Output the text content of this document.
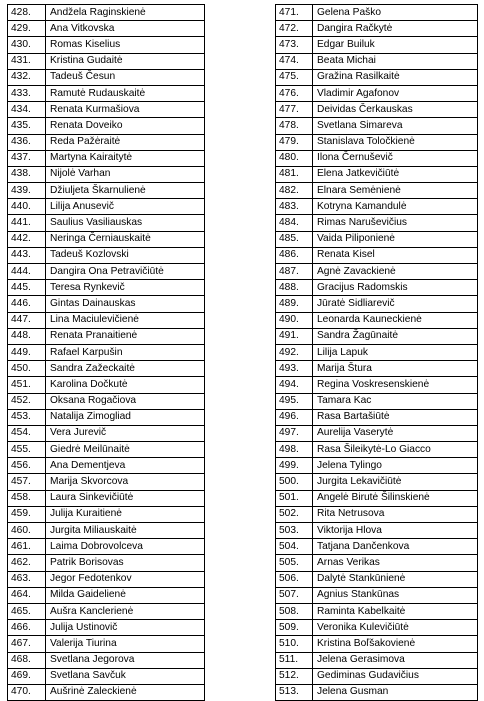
428.	Andžela Raginskienė
429.	Ana Vitkovska
430.	Romas Kiselius
431.	Kristina Gudaitė
432.	Tadeuš Česun
433.	Ramutė Rudauskaitė
434.	Renata Kurmašiova
435.	Renata Doveiko
436.	Reda Pažėraitė
437.	Martyna Kairaitytė
438.	Nijolė Varhan
439.	Džiuljeta Škarnulienė
440.	Lilija Anusevič
441.	Saulius Vasiliauskas
442.	Neringa Černiauskaitė
443.	Tadeuš Kozlovski
444.	Dangira Ona Petravičiūtė
445.	Teresa Rynkevič
446.	Gintas Dainauskas
447.	Lina Maciulevičienė
448.	Renata Pranaitienė
449.	Rafael Karpušin
450.	Sandra Zažeckaitė
451.	Karolina Dočkutė
452.	Oksana Rogačiova
453.	Natalija Zimogliad
454.	Vera Jurevič
455.	Giedrė Meilūnaitė
456.	Ana Dementjeva
457.	Marija Skvorcova
458.	Laura Sinkevičiūtė
459.	Julija Kuraitienė
460.	Jurgita Miliauskaitė
461.	Laima Dobrovolceva
462.	Patrik Borisovas
463.	Jegor Fedotenkov
464.	Milda Gaidelienė
465.	Aušra Kanclerienė
466.	Julija Ustinovič
467.	Valerija Tiurina
468.	Svetlana Jegorova
469.	Svetlana Savčuk
470.	Aušrinė Zaleckienė
471.	Gelena Paško
472.	Dangira Račkytė
473.	Edgar Builuk
474.	Beata Michai
475.	Gražina Rasilkaitė
476.	Vladimir Agafonov
477.	Deividas Čerkauskas
478.	Svetlana Simareva
479.	Stanislava Toločkienė
480.	Ilona Černuševič
481.	Elena Jatkevičiūtė
482.	Elnara Semėnienė
483.	Kotryna Kamandulė
484.	Rimas Naruševičius
485.	Vaida Piliponienė
486.	Renata Kisel
487.	Agnė Zavackienė
488.	Gracijus Radomskis
489.	Jūratė Sidliarevič
490.	Leonarda Kauneckienė
491.	Sandra Žagūnaitė
492.	Lilija Lapuk
493.	Marija Štura
494.	Regina Voskresenskienė
495.	Tamara Kac
496.	Rasa Bartašiūtė
497.	Aurelija Vaserytė
498.	Rasa Šileikytė-Lo Giacco
499.	Jelena Tylingo
500.	Jurgita Lekavičiūtė
501.	Angelė Birutė Šilinskienė
502.	Rita Netrusova
503.	Viktorija Hlova
504.	Tatjana Dančenkova
505.	Arnas Verikas
506.	Dalytė Stankūnienė
507.	Agnius Stankūnas
508.	Raminta Kabelkaitė
509.	Veronika Kulevičiūtė
510.	Kristina Boľšakovienė
511.	Jelena Gerasimova
512.	Gediminas Gudavičius
513.	Jelena Gusman
